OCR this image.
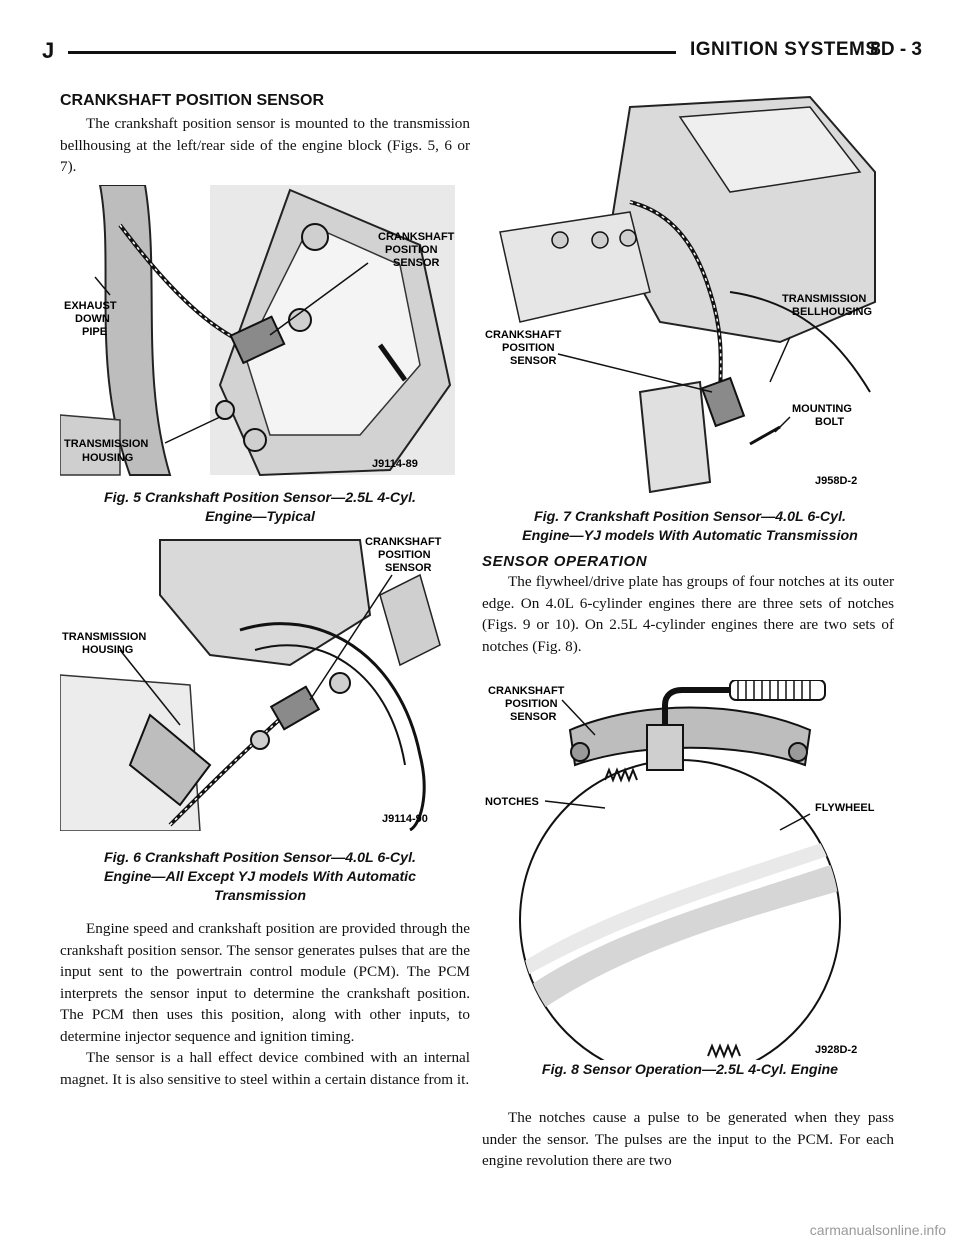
J	IGNITION SYSTEMS
8D - 3
CRANKSHAFT POSITION SENSOR

The crankshaft position sensor is mounted to the transmission bellhousing at the left/rear side of the engine block (Figs. 5, 6 or 7).

CRANKSHAFT
POSITION
SENSOR
EXHAUST
DOWN
PIPE
TRANSMISSION
HOUSING	J9114-89
Fig. 5 Crankshaft Position Sensor—2.5L 4-Cyl.
Engine—Typical
CRANKSHAFT
POSITION
SENSOR
TRANSMISSION
HOUSING
J9114-90
Fig. 6 Crankshaft Position Sensor—4.0L 6-Cyl.
Engine—All Except YJ models With Automatic
Transmission

Engine speed and crankshaft position are provided through the crankshaft position sensor. The sensor generates pulses that are the input sent to the powertrain control module (PCM). The PCM interprets the sensor input to determine the crankshaft position. The PCM then uses this position, along with other inputs, to determine injector sequence and ignition timing.

The sensor is a hall effect device combined with an internal magnet. It is also sensitive to steel within a certain distance from it.

TRANSMISSION
BELLHOUSING
CRANKSHAFT
POSITION
SENSOR
MOUNTING
BOLT
J958D-2
Fig. 7 Crankshaft Position Sensor—4.0L 6-Cyl.
Engine—YJ models With Automatic Transmission
SENSOR OPERATION

The flywheel/drive plate has groups of four notches at its outer edge. On 4.0L 6-cylinder engines there are three sets of notches (Figs. 9 or 10). On 2.5L 4-cylinder engines there are two sets of notches (Fig. 8).

CRANKSHAFT
POSITION
SENSOR
NOTCHES	FLYWHEEL
J928D-2
Fig. 8 Sensor Operation—2.5L 4-Cyl. Engine

The notches cause a pulse to be generated when they pass under the sensor. The pulses are the input to the PCM. For each engine revolution there are two

carmanualsonline.info
